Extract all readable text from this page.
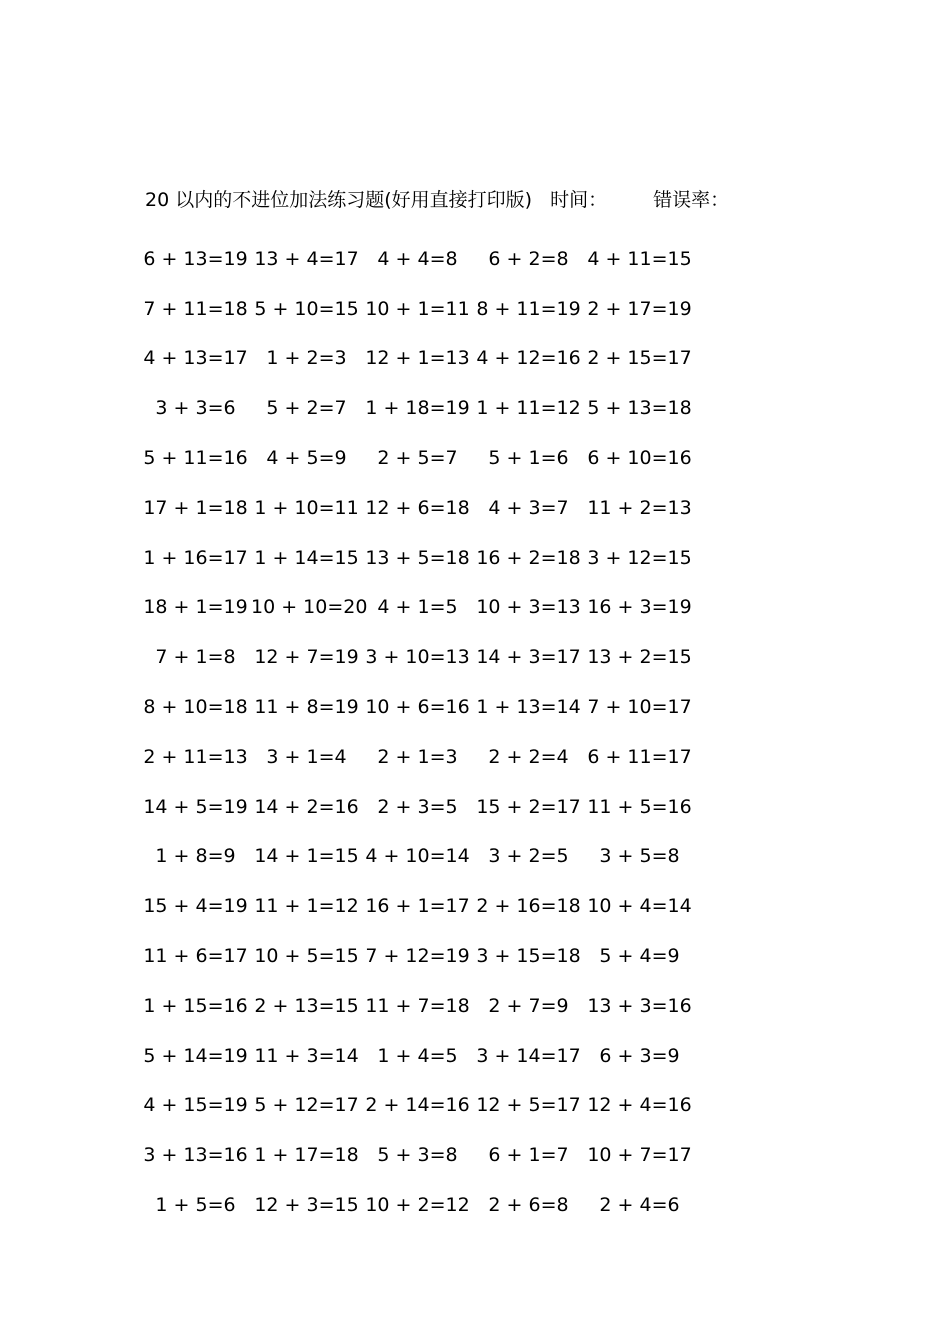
20 以内的不进位加法练习题(好用直接打印版) 时间： 错误率：
6 + 13=19 13 + 4=17 4 + 4=8	6 + 2=8 4 + 11=15
7 + 11=18 5 + 10=15 10 + 1=11 8 + 11=19 2 + 17=19
4 + 13=17 1 + 2=3 12 + 1=13 4 + 12=16 2 + 15=17
3 + 3=6	5 + 2=7 1 + 18=19 1 + 11=12 5 + 13=18
5 + 11=16 4 + 5=9	2 + 5=7	5 + 1=6 6 + 10=16
17 + 1=18 1 + 10=11 12 + 6=18 4 + 3=7 11 + 2=13
1 + 16=17 1 + 14=15 13 + 5=18 16 + 2=18 3 + 12=15
18 + 1=19 10 + 10=20 4 + 1=5 10 + 3=13 16 + 3=19
7 + 1=8 12 + 7=19 3 + 10=13 14 + 3=17 13 + 2=15
8 + 10=18 11 + 8=19 10 + 6=16 1 + 13=14 7 + 10=17
2 + 11=13 3 + 1=4	2 + 1=3	2 + 2=4 6 + 11=17
14 + 5=19 14 + 2=16 2 + 3=5 15 + 2=17 11 + 5=16
1 + 8=9 14 + 1=15 4 + 10=14 3 + 2=5	3 + 5=8
15 + 4=19 11 + 1=12 16 + 1=17 2 + 16=18 10 + 4=14
11 + 6=17 10 + 5=15 7 + 12=19 3 + 15=18 5 + 4=9
1 + 15=16 2 + 13=15 11 + 7=18 2 + 7=9 13 + 3=16
5 + 14=19 11 + 3=14 1 + 4=5 3 + 14=17 6 + 3=9
4 + 15=19 5 + 12=17 2 + 14=16 12 + 5=17 12 + 4=16
3 + 13=16 1 + 17=18 5 + 3=8	6 + 1=7 10 + 7=17
1 + 5=6 12 + 3=15 10 + 2=12 2 + 6=8	2 + 4=6
